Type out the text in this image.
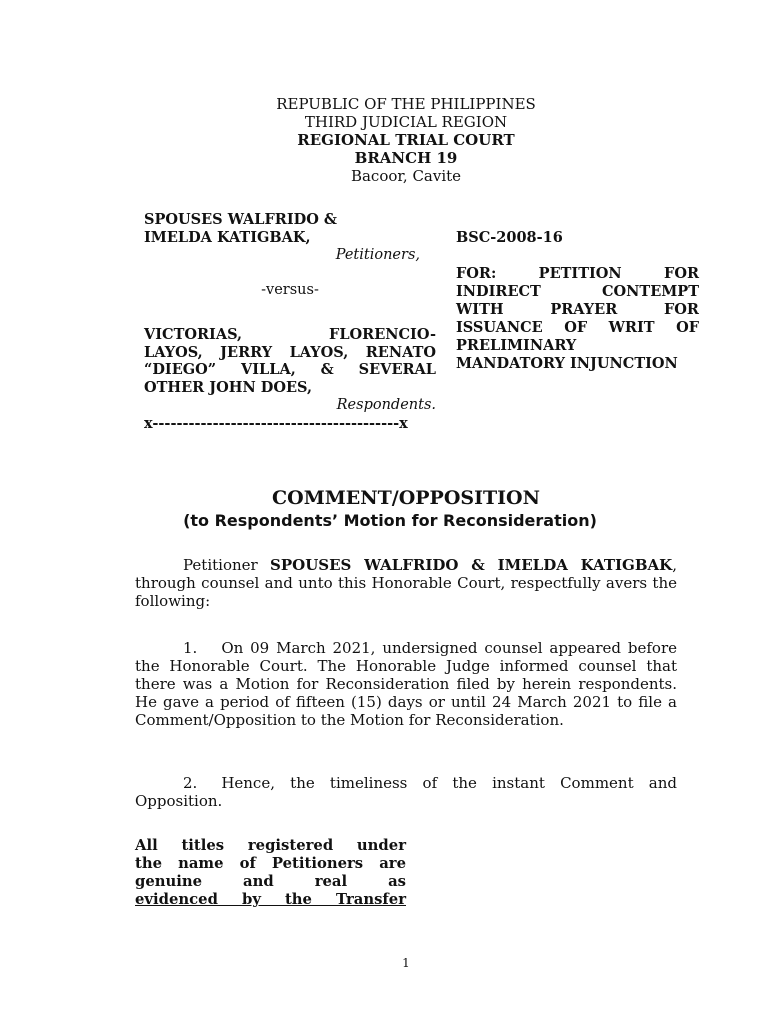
REPUBLIC OF THE PHILIPPINES
THIRD JUDICIAL REGION
REGIONAL TRIAL COURT
BRANCH 19
Bacoor, Cavite
SPOUSES WALFRIDO &
IMELDA KATIGBAK,
Petitioners,
-versus-
VICTORIAS, FLORENCIO-
LAYOS, JERRY LAYOS, RENATO
“DIEGO” VILLA, & SEVERAL
OTHER JOHN DOES,
Respondents.
x-----------------------------------------x
BSC-2008-16
FOR: PETITION FOR
INDIRECT CONTEMPT
WITH PRAYER FOR
ISSUANCE OF WRIT OF
PRELIMINARY
MANDATORY INJUNCTION
COMMENT/OPPOSITION
(to Respondents’ Motion for Reconsideration)
Petitioner SPOUSES WALFRIDO & IMELDA KATIGBAK, through counsel and unto this Honorable Court, respectfully avers the following:
1. On 09 March 2021, undersigned counsel appeared before the Honorable Court. The Honorable Judge informed counsel that there was a Motion for Reconsideration filed by herein respondents. He gave a period of fifteen (15) days or until 24 March 2021 to file a Comment/Opposition to the Motion for Reconsideration.
2. Hence, the timeliness of the instant Comment and Opposition.
All titles registered under
the name of Petitioners are
genuine and real as
evidenced by the Transfer
1
